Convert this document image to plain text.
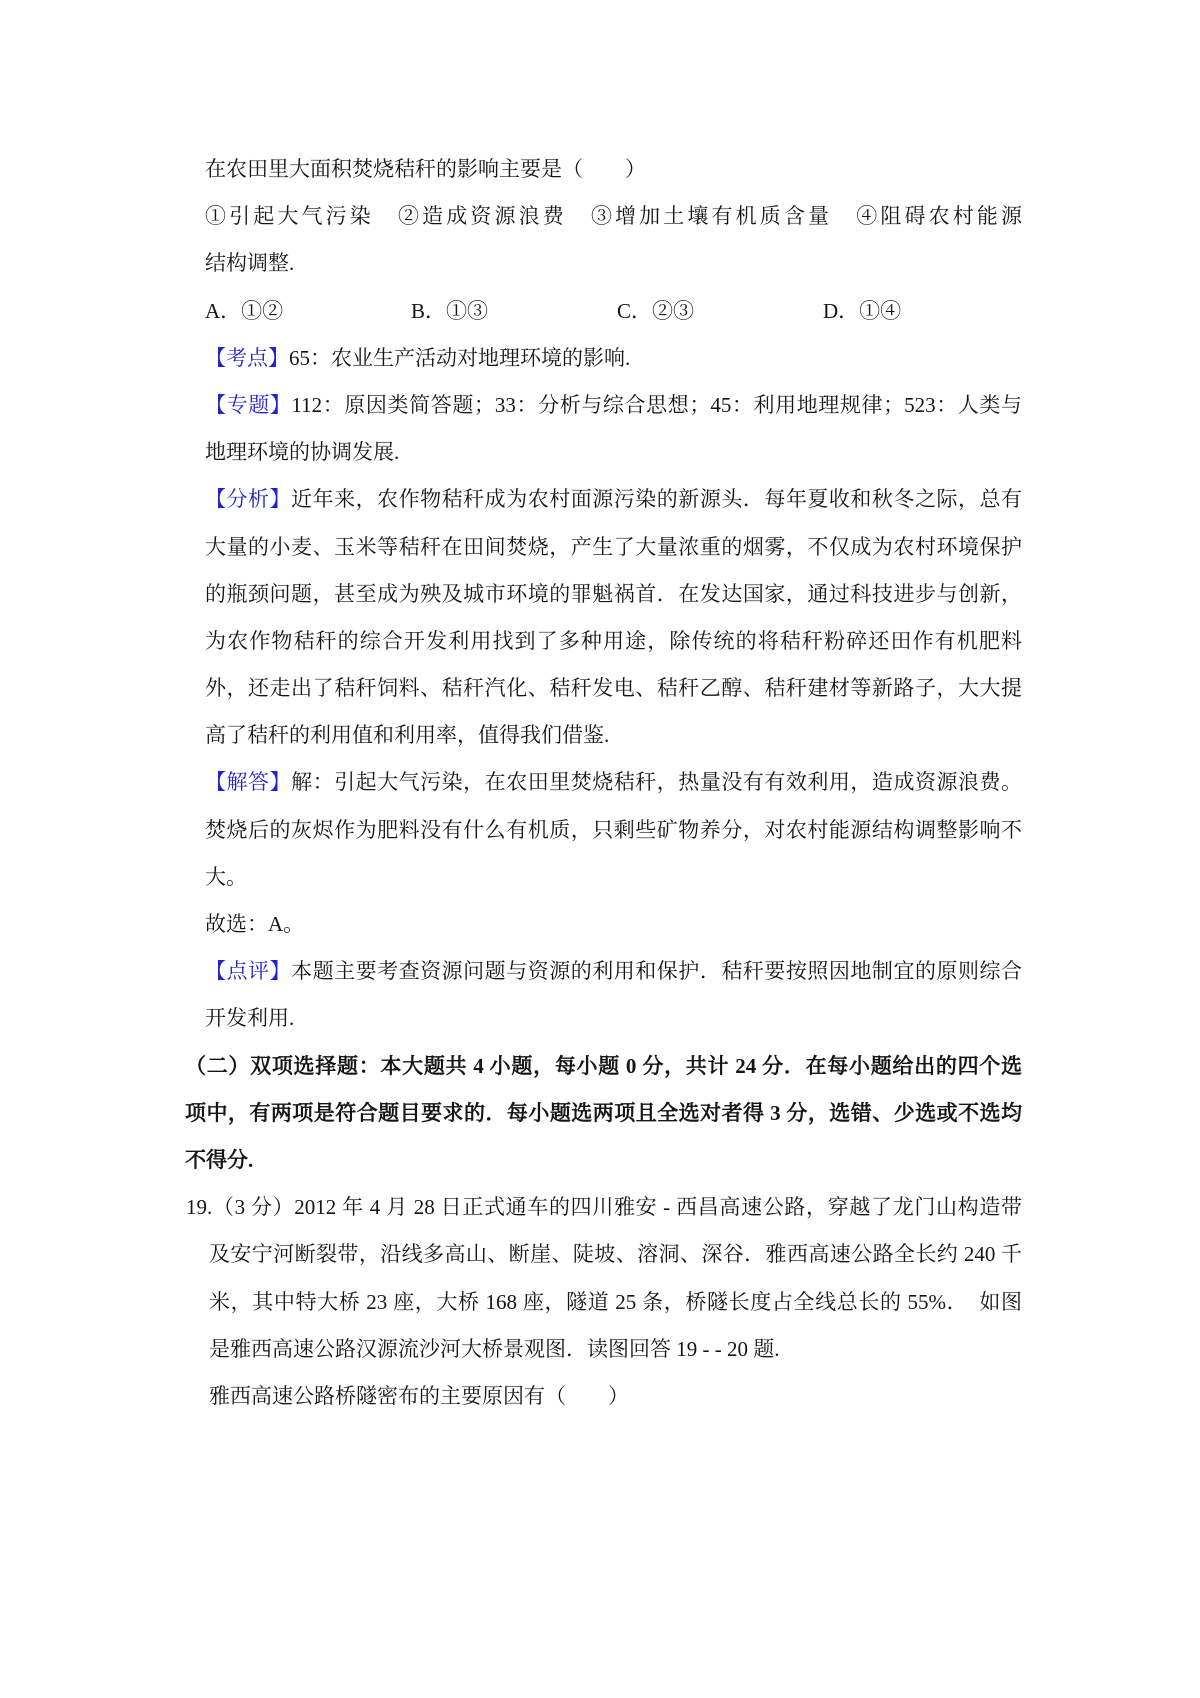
在农田里大面积焚烧秸秆的影响主要是（　　）
①引起大气污染　②造成资源浪费　③增加土壤有机质含量　④阻碍农村能源
结构调整.
A．①②	B．①③	C．②③	D．①④
【考点】65：农业生产活动对地理环境的影响.
【专题】112：原因类简答题；33：分析与综合思想；45：利用地理规律；523：人类与
地理环境的协调发展.
【分析】近年来，农作物秸秆成为农村面源污染的新源头．每年夏收和秋冬之际，总有
大量的小麦、玉米等秸秆在田间焚烧，产生了大量浓重的烟雾，不仅成为农村环境保护
的瓶颈问题，甚至成为殃及城市环境的罪魁祸首．在发达国家，通过科技进步与创新，
为农作物秸秆的综合开发利用找到了多种用途，除传统的将秸秆粉碎还田作有机肥料
外，还走出了秸秆饲料、秸秆汽化、秸秆发电、秸秆乙醇、秸秆建材等新路子，大大提
高了秸秆的利用值和利用率，值得我们借鉴.
【解答】解：引起大气污染，在农田里焚烧秸秆，热量没有有效利用，造成资源浪费。
焚烧后的灰烬作为肥料没有什么有机质，只剩些矿物养分，对农村能源结构调整影响不
大。
故选：A。
【点评】本题主要考查资源问题与资源的利用和保护．秸秆要按照因地制宜的原则综合
开发利用.
（二）双项选择题：本大题共 4 小题，每小题 0 分，共计 24 分．在每小题给出的四个选
项中，有两项是符合题目要求的．每小题选两项且全选对者得 3 分，选错、少选或不选均
不得分.
19.（3 分）2012 年 4 月 28 日正式通车的四川雅安 - 西昌高速公路，穿越了龙门山构造带
及安宁河断裂带，沿线多高山、断崖、陡坡、溶洞、深谷．雅西高速公路全长约 240 千
米，其中特大桥 23 座，大桥 168 座，隧道 25 条，桥隧长度占全线总长的 55%．　如图
是雅西高速公路汉源流沙河大桥景观图．读图回答 19 - - 20 题.
雅西高速公路桥隧密布的主要原因有（　　）
